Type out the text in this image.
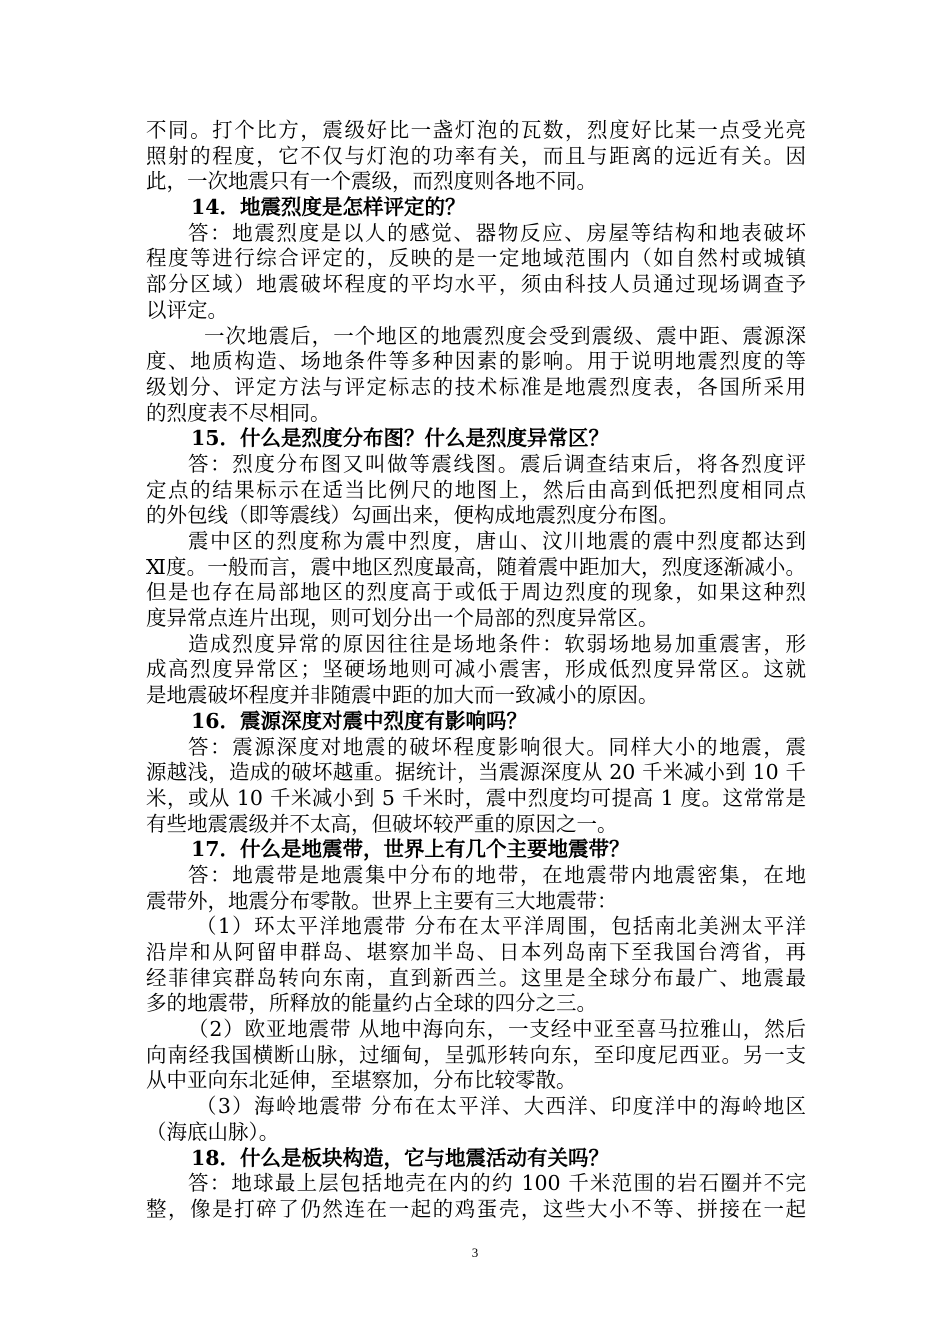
不同。打个比方，震级好比一盏灯泡的瓦数，烈度好比某一点受光亮
照射的程度，它不仅与灯泡的功率有关，而且与距离的远近有关。因
此，一次地震只有一个震级，而烈度则各地不同。
14．地震烈度是怎样评定的？
答：地震烈度是以人的感觉、器物反应、房屋等结构和地表破坏
程度等进行综合评定的，反映的是一定地域范围内（如自然村或城镇
部分区域）地震破坏程度的平均水平，须由科技人员通过现场调查予
以评定。
一次地震后，一个地区的地震烈度会受到震级、震中距、震源深
度、地质构造、场地条件等多种因素的影响。用于说明地震烈度的等
级划分、评定方法与评定标志的技术标准是地震烈度表，各国所采用
的烈度表不尽相同。
15．什么是烈度分布图？什么是烈度异常区？
答：烈度分布图又叫做等震线图。震后调查结束后，将各烈度评
定点的结果标示在适当比例尺的地图上，然后由高到低把烈度相同点
的外包线（即等震线）勾画出来，便构成地震烈度分布图。
震中区的烈度称为震中烈度，唐山、汶川地震的震中烈度都达到
Ⅺ度。一般而言，震中地区烈度最高，随着震中距加大，烈度逐渐减小。
但是也存在局部地区的烈度高于或低于周边烈度的现象，如果这种烈
度异常点连片出现，则可划分出一个局部的烈度异常区。
造成烈度异常的原因往往是场地条件：软弱场地易加重震害，形
成高烈度异常区；坚硬场地则可减小震害，形成低烈度异常区。这就
是地震破坏程度并非随震中距的加大而一致减小的原因。
16．震源深度对震中烈度有影响吗？
答：震源深度对地震的破坏程度影响很大。同样大小的地震，震
源越浅，造成的破坏越重。据统计，当震源深度从 20 千米减小到 10 千
米，或从 10 千米减小到 5 千米时，震中烈度均可提高 1 度。这常常是
有些地震震级并不太高，但破坏较严重的原因之一。
17．什么是地震带，世界上有几个主要地震带？
答：地震带是地震集中分布的地带，在地震带内地震密集，在地
震带外，地震分布零散。世界上主要有三大地震带：
（1）环太平洋地震带 分布在太平洋周围，包括南北美洲太平洋
沿岸和从阿留申群岛、堪察加半岛、日本列岛南下至我国台湾省，再
经菲律宾群岛转向东南，直到新西兰。这里是全球分布最广、地震最
多的地震带，所释放的能量约占全球的四分之三。
（2）欧亚地震带 从地中海向东，一支经中亚至喜马拉雅山，然后
向南经我国横断山脉，过缅甸，呈弧形转向东，至印度尼西亚。另一支
从中亚向东北延伸，至堪察加，分布比较零散。
（3）海岭地震带 分布在太平洋、大西洋、印度洋中的海岭地区
（海底山脉）。
18．什么是板块构造，它与地震活动有关吗？
答：地球最上层包括地壳在内的约 100 千米范围的岩石圈并不完
整，像是打碎了仍然连在一起的鸡蛋壳，这些大小不等、拼接在一起
3
